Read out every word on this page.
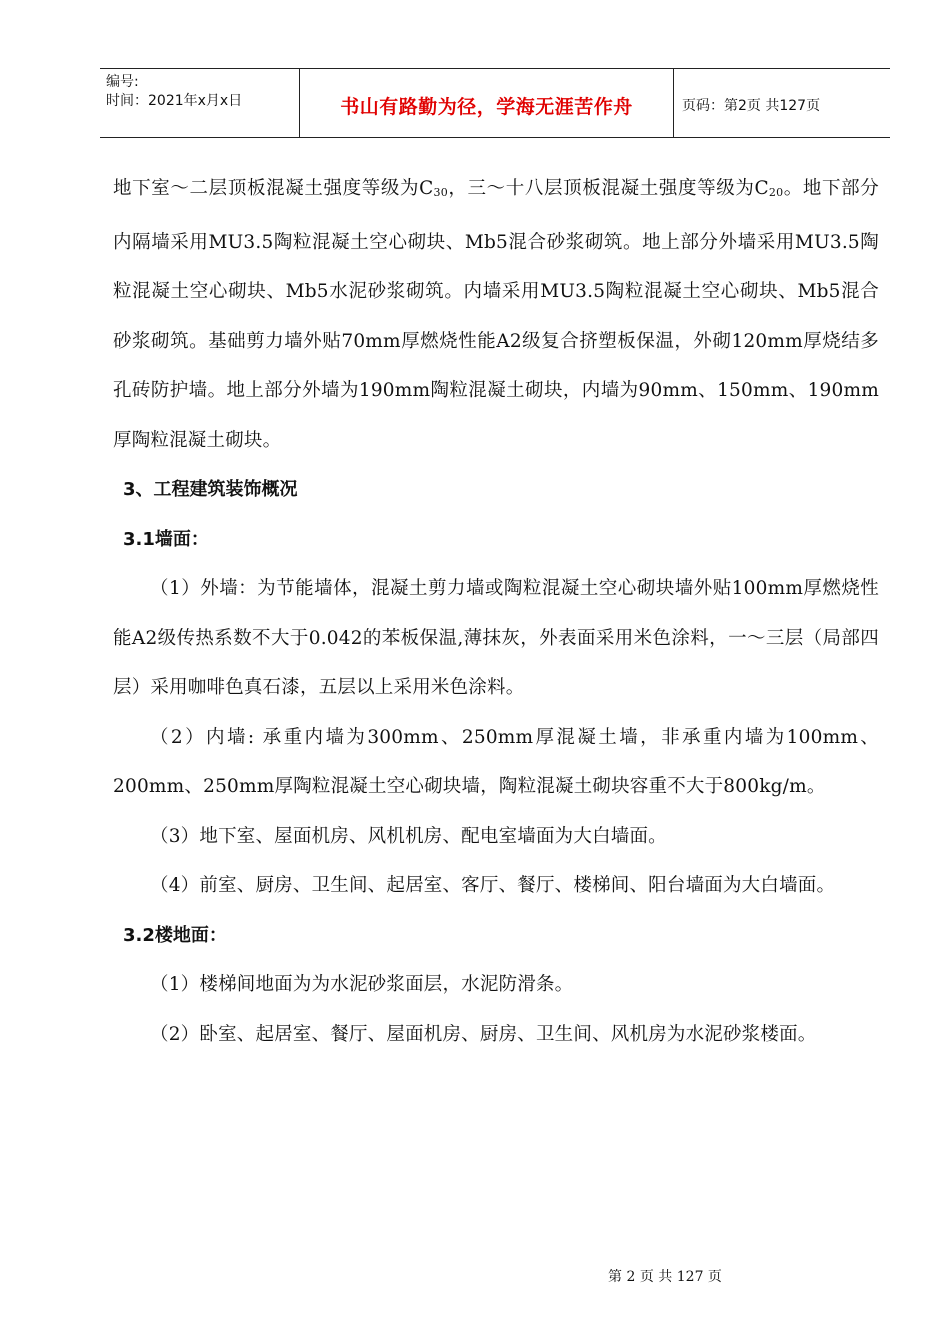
编号:
时间：2021年x月x日	书山有路勤为径，学海无涯苦作舟	页码：第2页 共127页

地下室～二层顶板混凝土强度等级为$C_{30}$，三～十八层顶板混凝土强度等级为$C_{20}$。地下部分内隔墙采用MU3.5陶粒混凝土空心砌块、Mb5混合砂浆砌筑。地上部分外墙采用MU3.5陶粒混凝土空心砌块、Mb5水泥砂浆砌筑。内墙采用MU3.5陶粒混凝土空心砌块、Mb5混合砂浆砌筑。基础剪力墙外贴70mm厚燃烧性能A2级复合挤塑板保温，外砌120mm厚烧结多孔砖防护墙。地上部分外墙为190mm陶粒混凝土砌块，内墙为90mm、150mm、190mm 厚陶粒混凝土砌块。

3、工程建筑装饰概况
3.1墙面：

（1）外墙：为节能墙体，混凝土剪力墙或陶粒混凝土空心砌块墙外贴100mm厚燃烧性能A2级传热系数不大于0.042的苯板保温,薄抹灰，外表面采用米色涂料，一～三层（局部四层）采用咖啡色真石漆，五层以上采用米色涂料。

（2）内墙: 承重内墙为300mm、250mm厚混凝土墙，非承重内墙为100mm、200mm、250mm厚陶粒混凝土空心砌块墙，陶粒混凝土砌块容重不大于800kg/m。

（3）地下室、屋面机房、风机机房、配电室墙面为大白墙面。

（4）前室、厨房、卫生间、起居室、客厅、餐厅、楼梯间、阳台墙面为大白墙面。

3.2楼地面：

（1）楼梯间地面为为水泥砂浆面层，水泥防滑条。

（2）卧室、起居室、餐厅、屋面机房、厨房、卫生间、风机房为水泥砂浆楼面。

第 2 页 共 127 页
